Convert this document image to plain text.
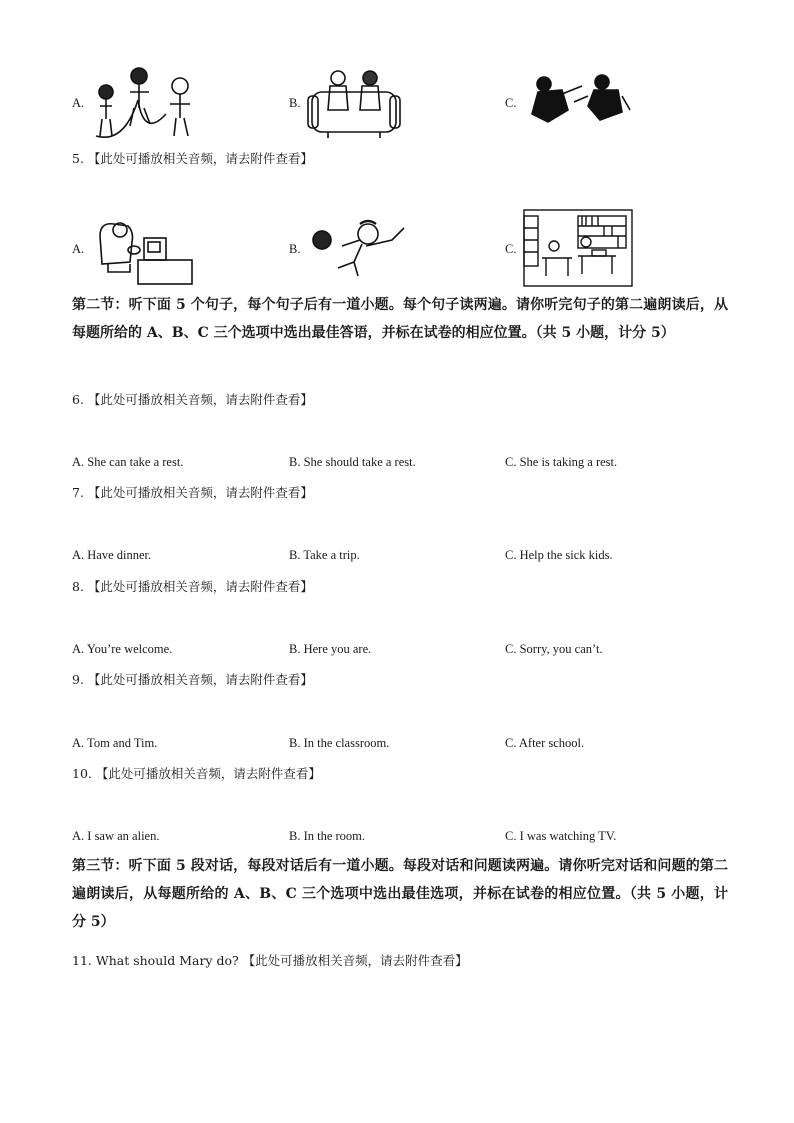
A.	B.	C.
5. 【此处可播放相关音频，请去附件查看】
A.	B.	C.
第二节：听下面 5 个句子，每个句子后有一道小题。每个句子读两遍。请你听完句子的第二遍朗读后，从每题所给的 A、B、C 三个选项中选出最佳答语，并标在试卷的相应位置。（共 5 小题，计分 5）
6. 【此处可播放相关音频，请去附件查看】
A. She can take a rest.	B. She should take a rest.	C. She is taking a rest.
7. 【此处可播放相关音频，请去附件查看】
A. Have dinner.	B. Take a trip.	C. Help the sick kids.
8. 【此处可播放相关音频，请去附件查看】
A. You’re welcome.	B. Here you are.	C. Sorry, you can’t.
9. 【此处可播放相关音频，请去附件查看】
A. Tom and Tim.	B. In the classroom.	C. After school.
10. 【此处可播放相关音频，请去附件查看】
A. I saw an alien.	B. In the room.	C. I was watching TV.
第三节：听下面 5 段对话，每段对话后有一道小题。每段对话和问题读两遍。请你听完对话和问题的第二遍朗读后，从每题所给的 A、B、C 三个选项中选出最佳选项，并标在试卷的相应位置。（共 5 小题，计分 5）
11. What should Mary do? 【此处可播放相关音频，请去附件查看】
